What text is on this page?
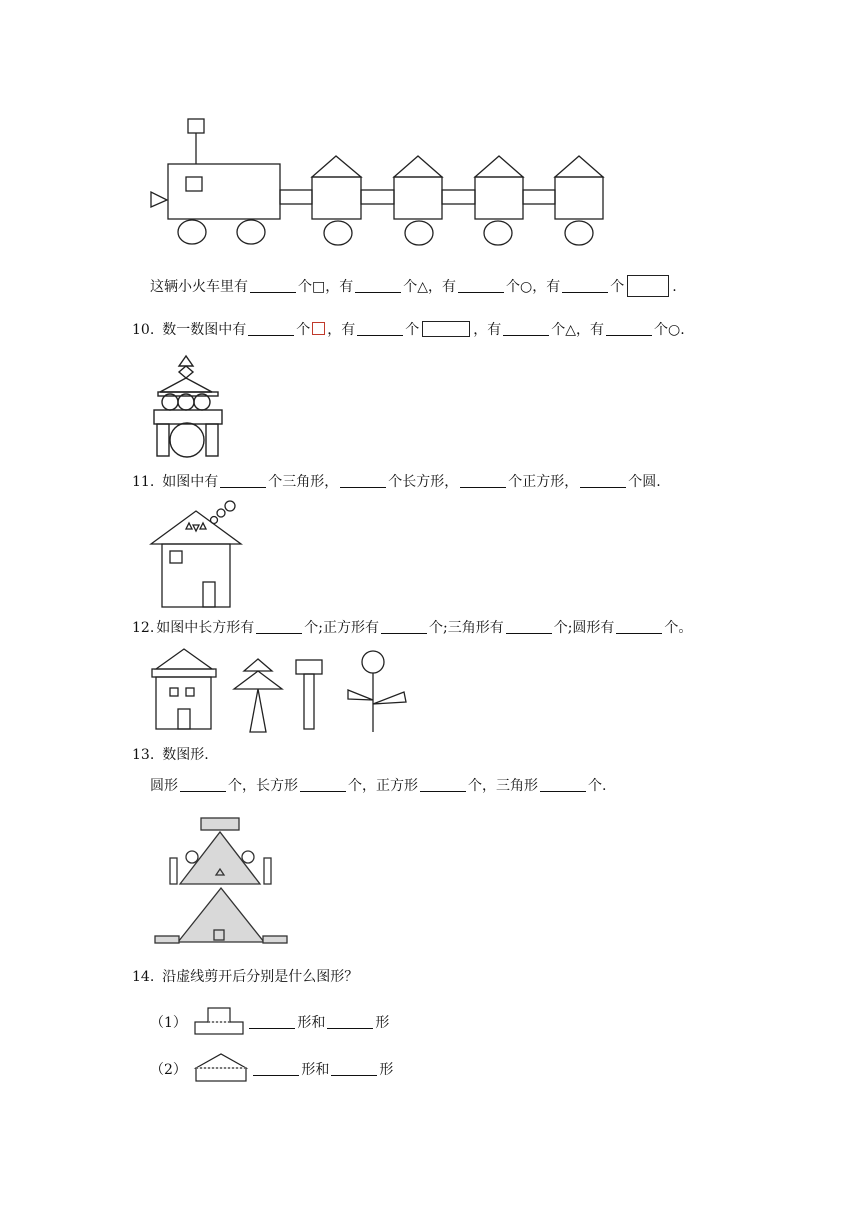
这辆小火车里有	个□，有	个△，有	个○，有	个	.
10. 数一数图中有	个 ，有	个	，有	个△，有	个○.
11. 如图中有	个三角形，	个长方形，	个正方形，	个圆.
12. 如图中长方形有	个;正方形有	个;三角形有	个;圆形有	个。
13. 数图形.
圆形	个，长方形	个，正方形	个，三角形	个.
14. 沿虚线剪开后分别是什么图形？
（1）	形和	形
（2）	形和	形
